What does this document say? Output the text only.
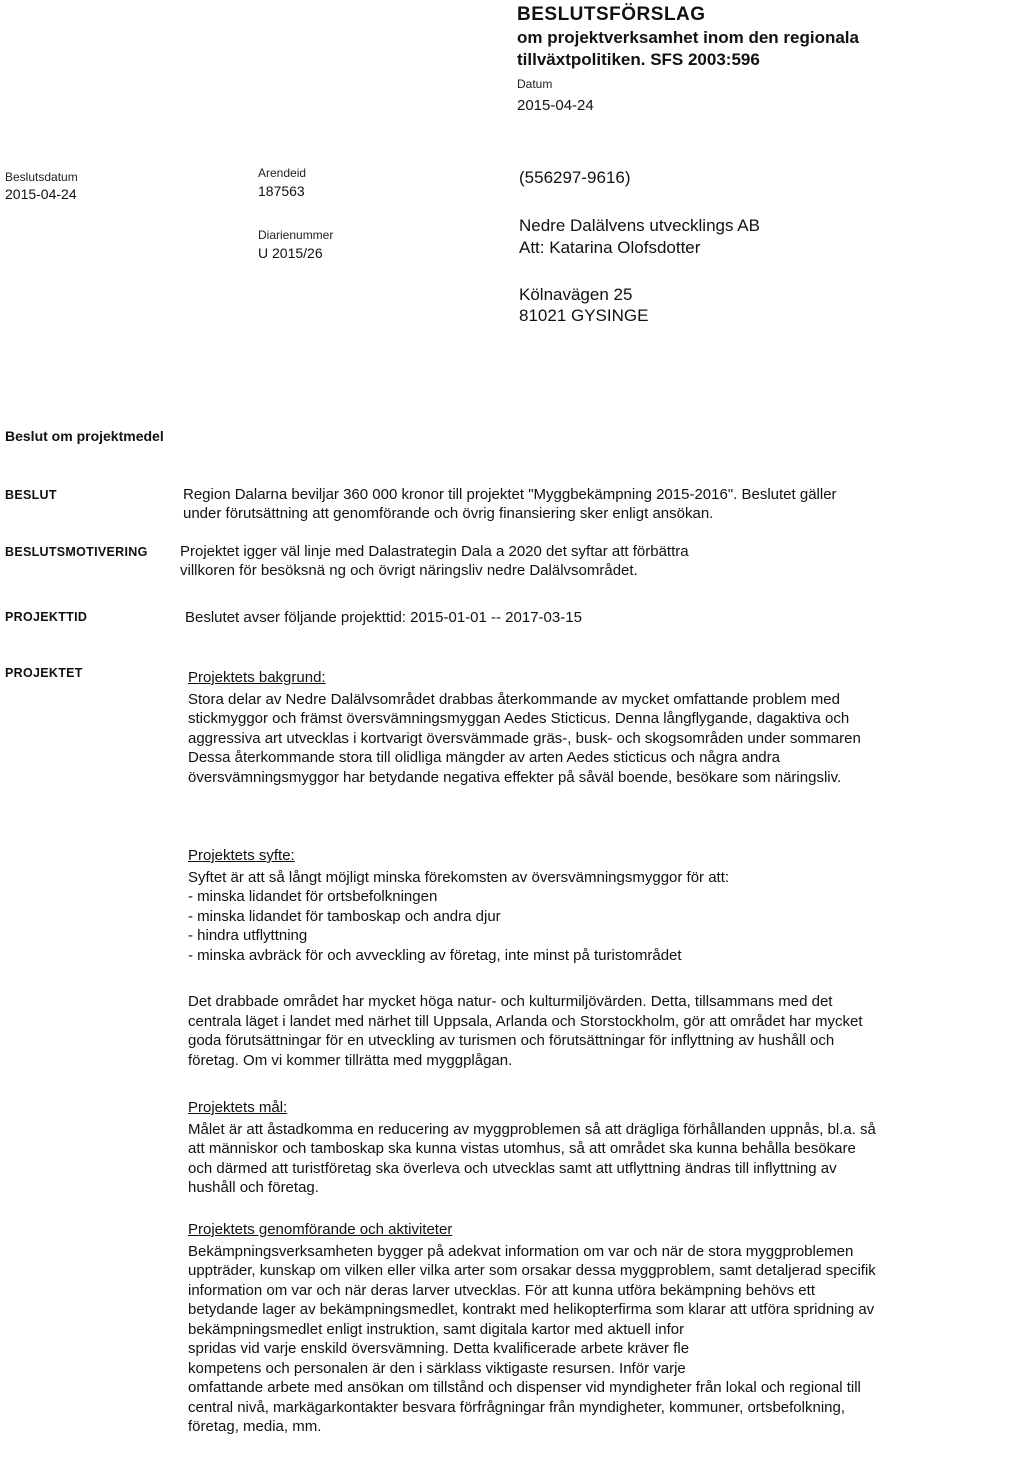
BESLUTSFÖRSLAG
om projektverksamhet inom den regionala
tillväxtpolitiken. SFS 2003:596
Datum
2015-04-24
Beslutsdatum
2015-04-24
Arendeid
187563
Diarienummer
U 2015/26
(556297-9616)
Nedre Dalälvens utvecklings AB
Att: Katarina Olofsdotter
Kölnavägen 25
81021 GYSINGE
Beslut om projektmedel
BESLUT	Region Dalarna beviljar 360 000 kronor till projektet "Myggbekämpning 2015-2016". Beslutet gäller
under förutsättning att genomförande och övrig finansiering sker enligt ansökan.
BESLUTSMOTIVERING Projektet igger väl linje med Dalastrategin Dala a 2020 det syftar att förbättra
villkoren för besöksnä ng och övrigt näringsliv nedre Dalälvsområdet.
PROJEKTTID	Beslutet avser följande projekttid: 2015-01-01 -- 2017-03-15
PROJEKTET	Projektets bakgrund:
Stora delar av Nedre Dalälvsområdet drabbas återkommande av mycket omfattande problem med
stickmyggor och främst översvämningsmyggan Aedes Sticticus. Denna långflygande, dagaktiva och
aggressiva art utvecklas i kortvarigt översvämmade gräs-, busk- och skogsområden under sommaren
Dessa återkommande stora till olidliga mängder av arten Aedes sticticus och några andra
översvämningsmyggor har betydande negativa effekter på såväl boende, besökare som näringsliv.
Projektets syfte:
Syftet är att så långt möjligt minska förekomsten av översvämningsmyggor för att:
- minska lidandet för ortsbefolkningen
- minska lidandet för tamboskap och andra djur
- hindra utflyttning
- minska avbräck för och avveckling av företag, inte minst på turistområdet
Det drabbade området har mycket höga natur- och kulturmiljövärden. Detta, tillsammans med det
centrala läget i landet med närhet till Uppsala, Arlanda och Storstockholm, gör att området har mycket
goda förutsättningar för en utveckling av turismen och förutsättningar för inflyttning av hushåll och
företag. Om vi kommer tillrätta med myggplågan.
Projektets mål:
Målet är att åstadkomma en reducering av myggproblemen så att drägliga förhållanden uppnås, bl.a. så
att människor och tamboskap ska kunna vistas utomhus, så att området ska kunna behålla besökare
och därmed att turistföretag ska överleva och utvecklas samt att utflyttning ändras till inflyttning av
hushåll och företag.
Projektets genomförande och aktiviteter
Bekämpningsverksamheten bygger på adekvat information om var och när de stora myggproblemen
uppträder, kunskap om vilken eller vilka arter som orsakar dessa myggproblem, samt detaljerad specifik
information om var och när deras larver utvecklas. För att kunna utföra bekämpning behövs ett
betydande lager av bekämpningsmedlet, kontrakt med helikopterfirma som klarar att utföra spridning av
bekämpningsmedlet enligt instruktion, samt digitala kartor med aktuell infor
spridas vid varje enskild översvämning. Detta kvalificerade arbete kräver fle
kompetens och personalen är den i särklass viktigaste resursen. Inför varje
omfattande arbete med ansökan om tillstånd och dispenser vid myndigheter från lokal och regional till
central nivå, markägarkontakter besvara förfrågningar från myndigheter, kommuner, ortsbefolkning,
företag, media, mm.
